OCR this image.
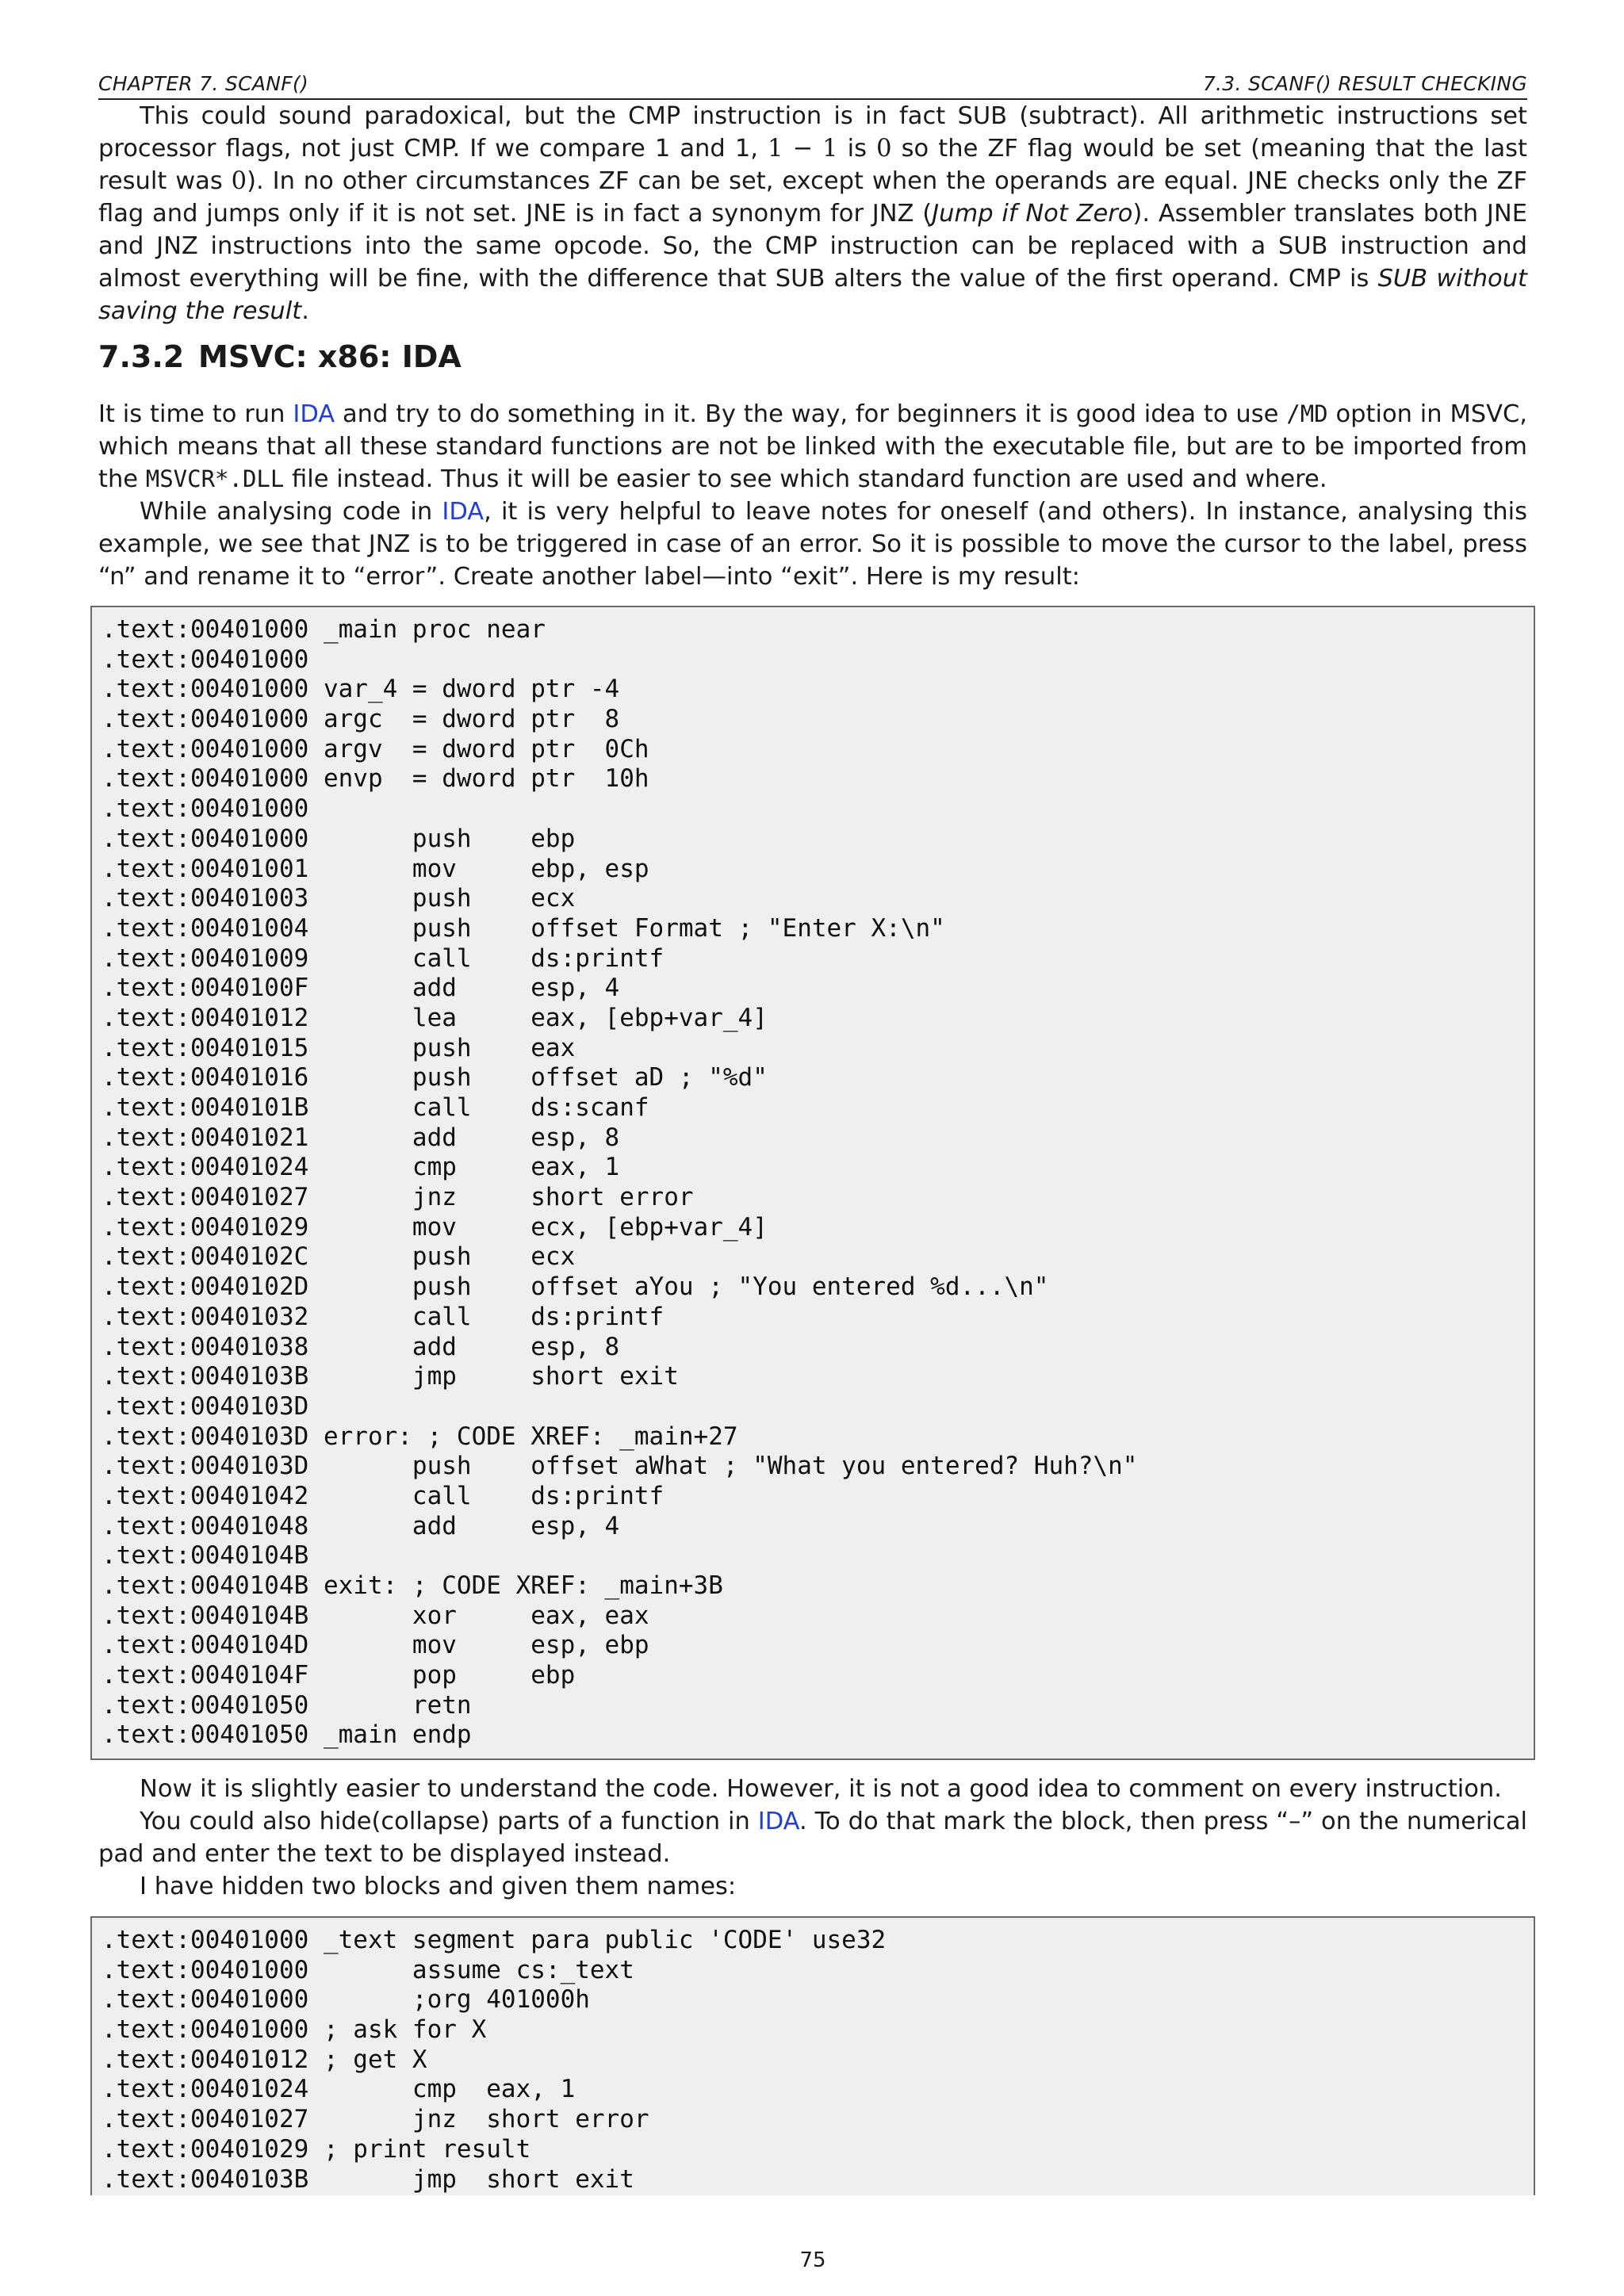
CHAPTER 7. SCANF()	7.3. SCANF() RESULT CHECKING

This could sound paradoxical, but the CMP instruction is in fact SUB (subtract). All arithmetic instructions set processor flags, not just CMP. If we compare 1 and 1, 1 − 1 is 0 so the ZF flag would be set (meaning that the last result was 0). In no other circumstances ZF can be set, except when the operands are equal. JNE checks only the ZF flag and jumps only if it is not set. JNE is in fact a synonym for JNZ (Jump if Not Zero). Assembler translates both JNE and JNZ instructions into the same opcode. So, the CMP instruction can be replaced with a SUB instruction and almost everything will be fine, with the difference that SUB alters the value of the first operand. CMP is SUB without saving the result.

7.3.2 MSVC: x86: IDA

It is time to run IDA and try to do something in it. By the way, for beginners it is good idea to use /MD option in MSVC, which means that all these standard functions are not be linked with the executable file, but are to be imported from the MSVCR*.DLL file instead. Thus it will be easier to see which standard function are used and where.

While analysing code in IDA, it is very helpful to leave notes for oneself (and others). In instance, analysing this example, we see that JNZ is to be triggered in case of an error. So it is possible to move the cursor to the label, press “n” and rename it to “error”. Create another label—into “exit”. Here is my result:

.text:00401000 _main proc near
.text:00401000
.text:00401000 var_4 = dword ptr -4
.text:00401000 argc  = dword ptr  8
.text:00401000 argv  = dword ptr  0Ch
.text:00401000 envp  = dword ptr  10h
.text:00401000
.text:00401000       push    ebp
.text:00401001       mov     ebp, esp
.text:00401003       push    ecx
.text:00401004       push    offset Format ; "Enter X:\n"
.text:00401009       call    ds:printf
.text:0040100F       add     esp, 4
.text:00401012       lea     eax, [ebp+var_4]
.text:00401015       push    eax
.text:00401016       push    offset aD ; "%d"
.text:0040101B       call    ds:scanf
.text:00401021       add     esp, 8
.text:00401024       cmp     eax, 1
.text:00401027       jnz     short error
.text:00401029       mov     ecx, [ebp+var_4]
.text:0040102C       push    ecx
.text:0040102D       push    offset aYou ; "You entered %d...\n"
.text:00401032       call    ds:printf
.text:00401038       add     esp, 8
.text:0040103B       jmp     short exit
.text:0040103D
.text:0040103D error: ; CODE XREF: _main+27
.text:0040103D       push    offset aWhat ; "What you entered? Huh?\n"
.text:00401042       call    ds:printf
.text:00401048       add     esp, 4
.text:0040104B
.text:0040104B exit: ; CODE XREF: _main+3B
.text:0040104B       xor     eax, eax
.text:0040104D       mov     esp, ebp
.text:0040104F       pop     ebp
.text:00401050       retn
.text:00401050 _main endp

Now it is slightly easier to understand the code. However, it is not a good idea to comment on every instruction.

You could also hide(collapse) parts of a function in IDA. To do that mark the block, then press “–” on the numerical pad and enter the text to be displayed instead.

I have hidden two blocks and given them names:

.text:00401000 _text segment para public 'CODE' use32
.text:00401000       assume cs:_text
.text:00401000       ;org 401000h
.text:00401000 ; ask for X
.text:00401012 ; get X
.text:00401024       cmp  eax, 1
.text:00401027       jnz  short error
.text:00401029 ; print result
.text:0040103B       jmp  short exit
75
